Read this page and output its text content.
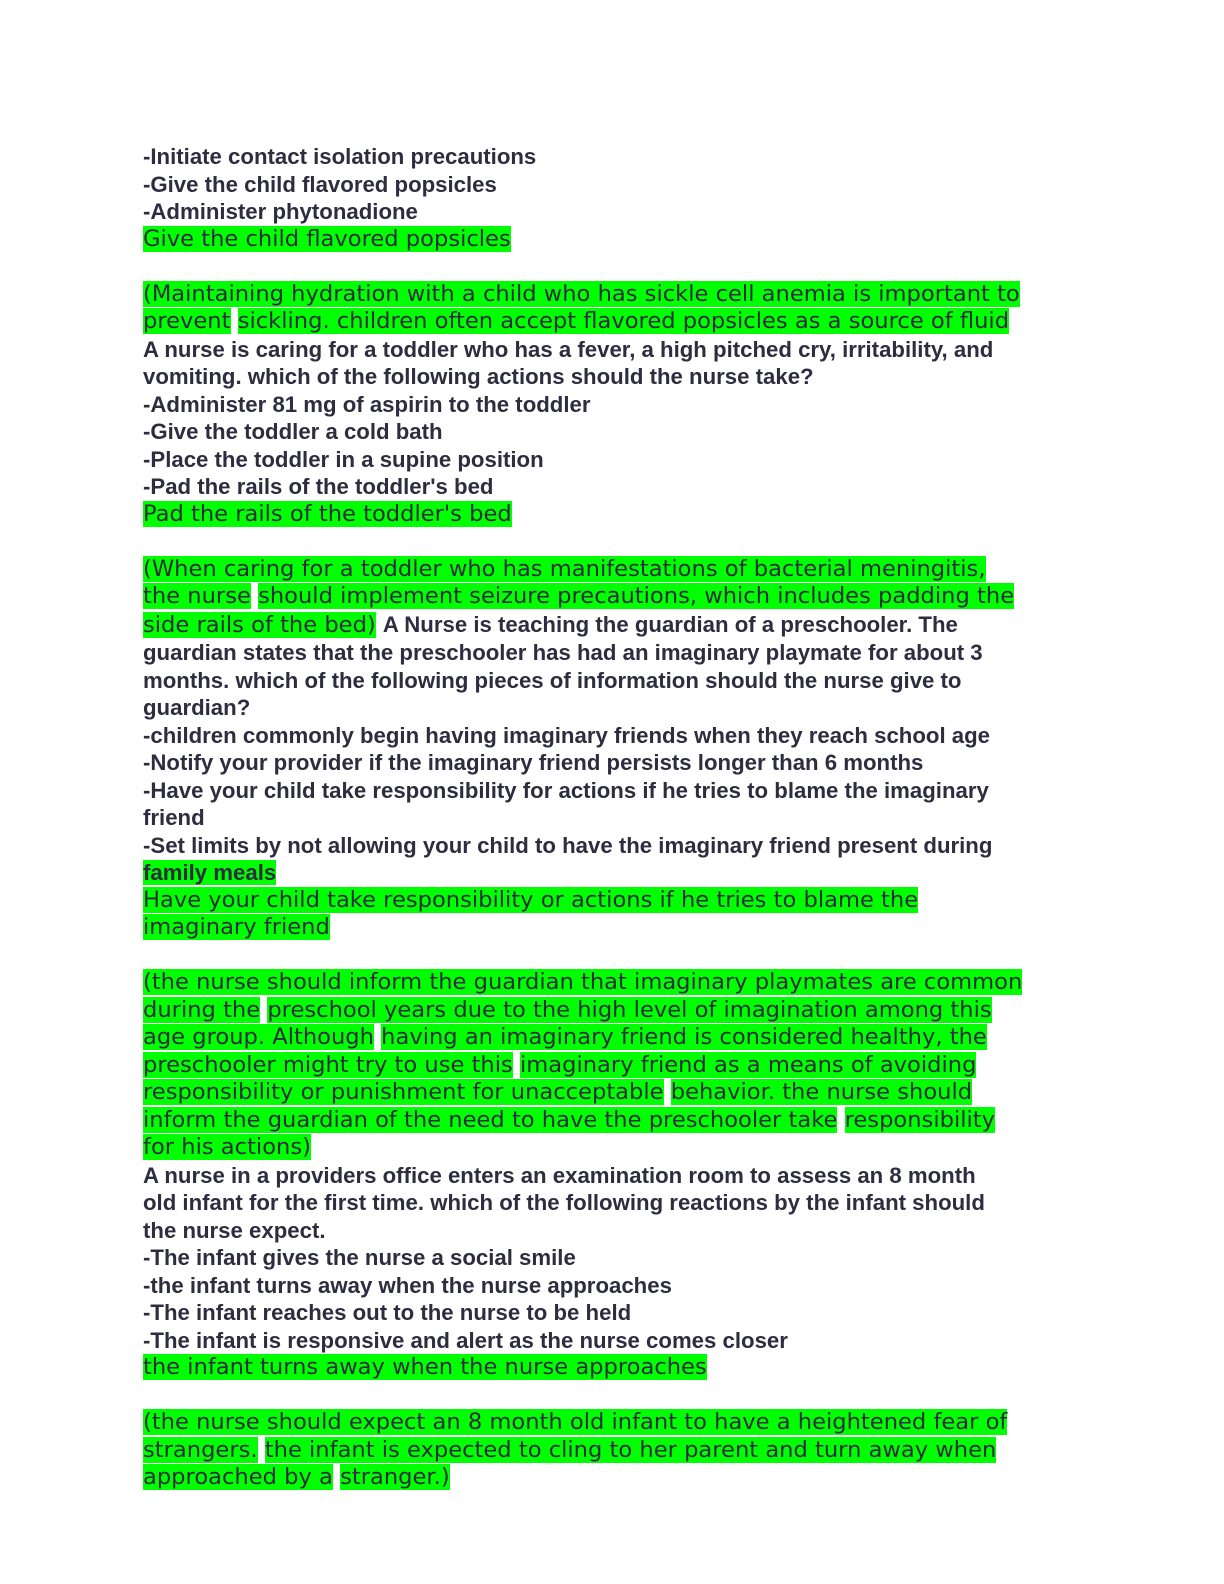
-Initiate contact isolation precautions
-Give the child flavored popsicles
-Administer phytonadione
Give the child flavored popsicles
(Maintaining hydration with a child who has sickle cell anemia is important to
prevent sickling. children often accept flavored popsicles as a source of fluid
A nurse is caring for a toddler who has a fever, a high pitched cry, irritability, and
vomiting. which of the following actions should the nurse take?
-Administer 81 mg of aspirin to the toddler
-Give the toddler a cold bath
-Place the toddler in a supine position
-Pad the rails of the toddler's bed
Pad the rails of the toddler's bed
(When caring for a toddler who has manifestations of bacterial meningitis,
the nurse should implement seizure precautions, which includes padding the
side rails of the bed) A Nurse is teaching the guardian of a preschooler. The
guardian states that the preschooler has had an imaginary playmate for about 3
months. which of the following pieces of information should the nurse give to
guardian?
-children commonly begin having imaginary friends when they reach school age
-Notify your provider if the imaginary friend persists longer than 6 months
-Have your child take responsibility for actions if he tries to blame the imaginary
friend
-Set limits by not allowing your child to have the imaginary friend present during
family meals
Have your child take responsibility or actions if he tries to blame the
imaginary friend
(the nurse should inform the guardian that imaginary playmates are common
during the preschool years due to the high level of imagination among this
age group. Although having an imaginary friend is considered healthy, the
preschooler might try to use this imaginary friend as a means of avoiding
responsibility or punishment for unacceptable behavior. the nurse should
inform the guardian of the need to have the preschooler take responsibility
for his actions)
A nurse in a providers office enters an examination room to assess an 8 month
old infant for the first time. which of the following reactions by the infant should
the nurse expect.
-The infant gives the nurse a social smile
-the infant turns away when the nurse approaches
-The infant reaches out to the nurse to be held
-The infant is responsive and alert as the nurse comes closer
the infant turns away when the nurse approaches
(the nurse should expect an 8 month old infant to have a heightened fear of
strangers. the infant is expected to cling to her parent and turn away when
approached by a stranger.)
